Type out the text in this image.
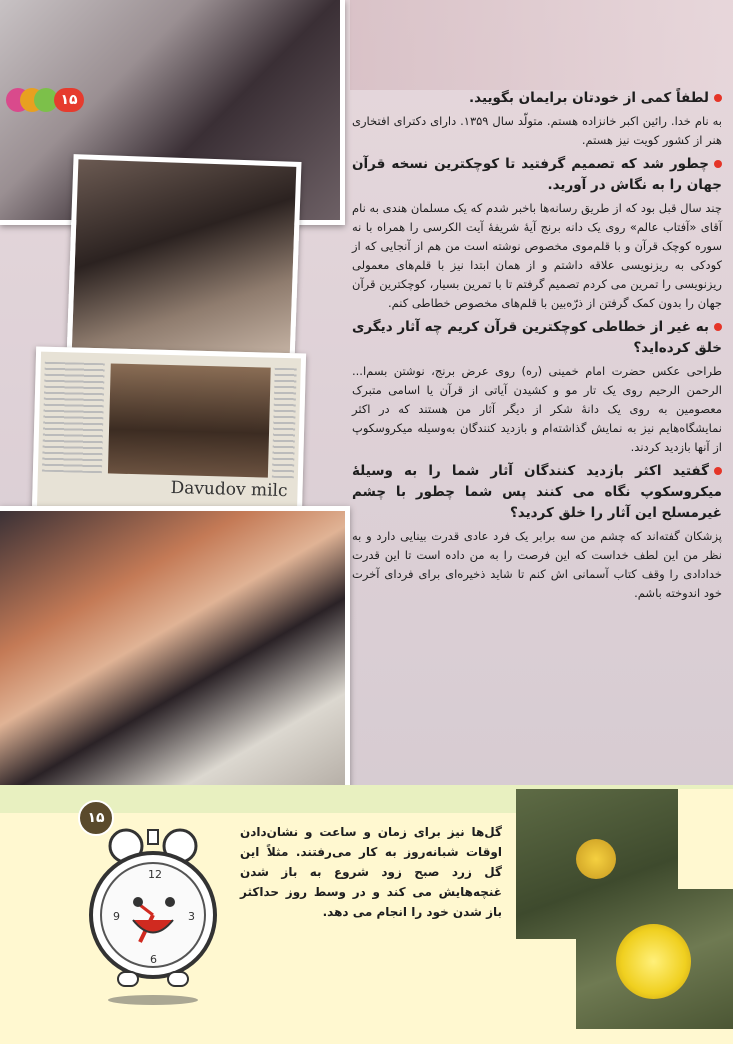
Davudov milc
۱۵	لطفاً کمی از خودتان برایمان بگویید.

به نام خدا. رائین اکبر خانزاده هستم. متولّد سال ۱۳۵۹. دارای دکترای افتخاری هنر از کشور کویت نیز هستم.

چطور شد که تصمیم گرفتید تا کوچکترین نسخه قرآن جهان را به نگاش در آورید.

چند سال قبل بود که از طریق رسانه‌ها باخبر شدم که یک مسلمان هندی به نام آقای «آفتاب عالم» روی یک دانه برنج آیهٔ شریفهٔ آیت الکرسی را همراه با نه سوره کوچک قرآن و با قلم‌موی مخصوص نوشته است من هم از آنجایی که از کودکی به ریزنویسی علاقه داشتم و از همان ابتدا نیز با قلم‌های معمولی ریزنویسی را تمرین می کردم تصمیم گرفتم تا با تمرین بسیار، کوچکترین قرآن جهان را بدون کمک گرفتن از ذرّه‌بین با قلم‌های مخصوص خطاطی کنم.

به غیر از خطاطی کوچکترین قرآن کریم چه آثار دیگری خلق کرده‌اید؟

طراحی عکس حضرت امام خمینی (ره) روی عرض برنج، نوشتن بسم‌ا... الرحمن الرحیم روی یک تار مو و کشیدن آیاتی از قرآن یا اسامی متبرک معصومین به روی یک دانهٔ شکر از دیگر آثار من هستند که در اکثر نمایشگاه‌هایم نیز به نمایش گذاشته‌ام و بازدید کنندگان به‌وسیله میکروسکوپ از آنها بازدید کردند.

گفتید اکثر بازدید کنندگان آثار شما را به وسیلهٔ میکروسکوپ نگاه می کنند پس شما چطور با چشم غیرمسلح این آثار را خلق کردید؟

پزشکان گفته‌اند که چشم من سه برابر یک فرد عادی قدرت بینایی دارد و به نظر من این لطف خداست که این فرصت را به من داده است تا این قدرت خدادادی را وقف کتاب آسمانی اش کنم تا شاید ذخیره‌ای برای فردای آخرت خود اندوخته باشم.

۱۵
12
9	3
6
گل‌ها نیز برای زمان و ساعت و نشان‌دادن اوقات شبانه‌روز به کار می‌رفتند. مثلاً این گل زرد صبح زود شروع به باز شدن غنچه‌هایش می کند و در وسط روز حداکثر باز شدن خود را انجام می دهد.
